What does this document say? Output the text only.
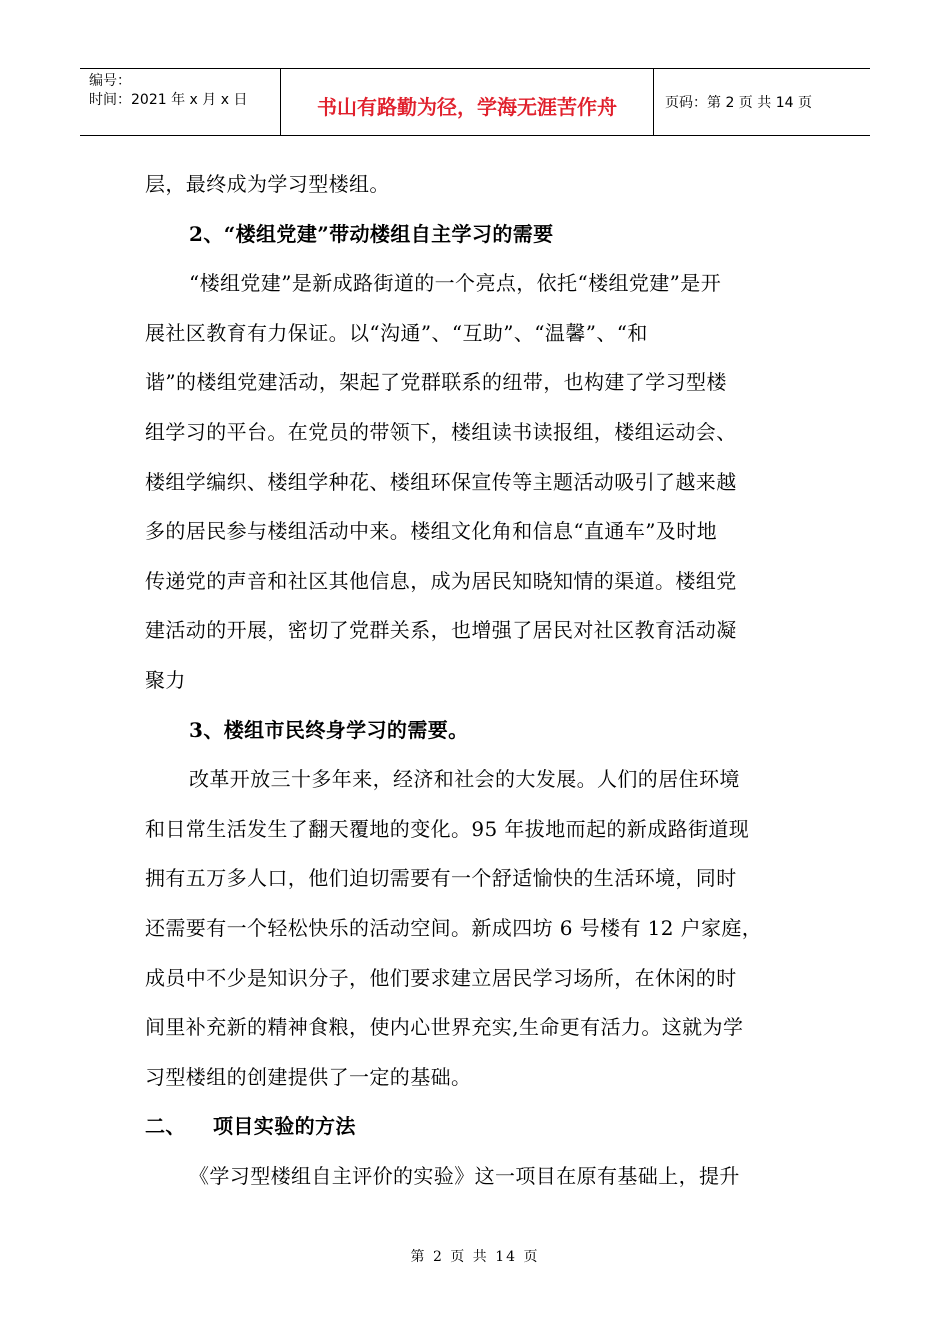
编号：
时间：2021 年 x 月 x 日	书山有路勤为径，学海无涯苦作舟	页码：第 2 页 共 14 页
层，最终成为学习型楼组。
2、“楼组党建”带动楼组自主学习的需要
“楼组党建”是新成路街道的一个亮点，依托“楼组党建”是开
展社区教育有力保证。以“沟通”、“互助”、“温馨”、“和
谐”的楼组党建活动，架起了党群联系的纽带，也构建了学习型楼
组学习的平台。在党员的带领下，楼组读书读报组，楼组运动会、
楼组学编织、楼组学种花、楼组环保宣传等主题活动吸引了越来越
多的居民参与楼组活动中来。楼组文化角和信息“直通车”及时地
传递党的声音和社区其他信息，成为居民知晓知情的渠道。楼组党
建活动的开展，密切了党群关系，也增强了居民对社区教育活动凝
聚力
3、楼组市民终身学习的需要。
改革开放三十多年来，经济和社会的大发展。人们的居住环境
和日常生活发生了翻天覆地的变化。95 年拔地而起的新成路街道现
拥有五万多人口，他们迫切需要有一个舒适愉快的生活环境，同时
还需要有一个轻松快乐的活动空间。新成四坊 6 号楼有 12 户家庭，
成员中不少是知识分子，他们要求建立居民学习场所，在休闲的时
间里补充新的精神食粮，使内心世界充实,生命更有活力。这就为学
习型楼组的创建提供了一定的基础。
二、 项目实验的方法
《学习型楼组自主评价的实验》这一项目在原有基础上，提升
第 2 页 共 14 页
